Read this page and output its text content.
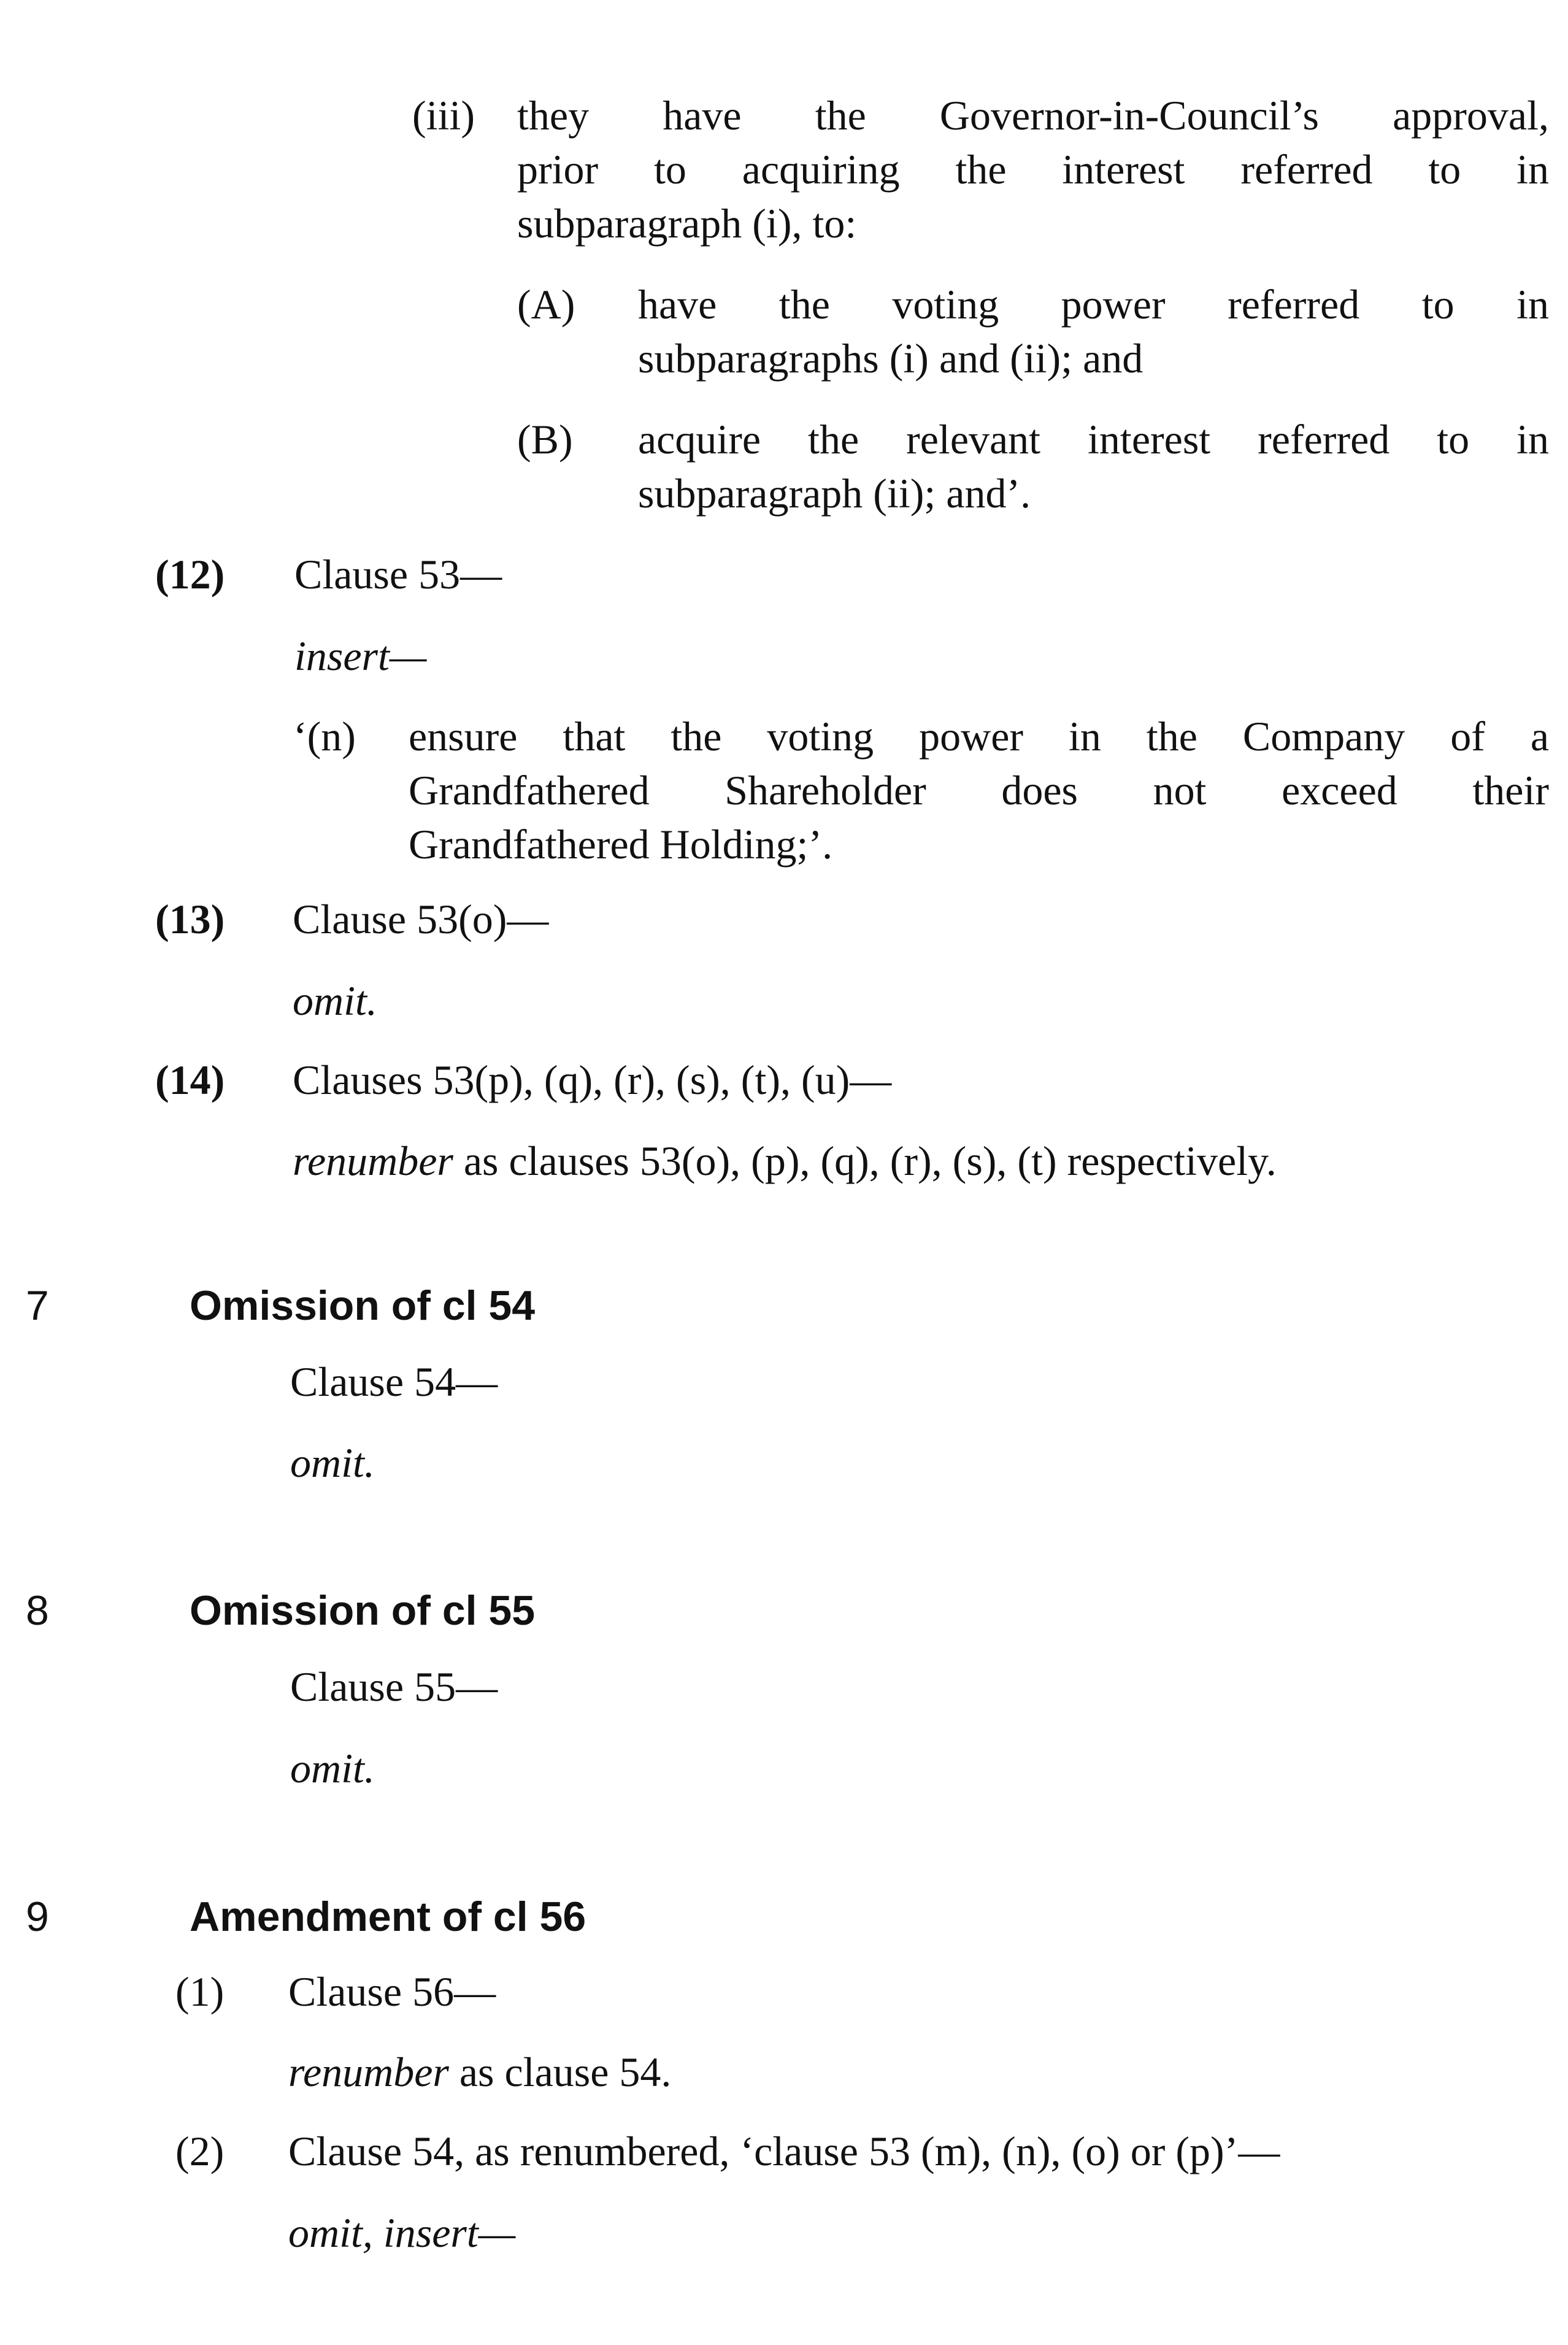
(iii) they have the Governor-in-Council’s approval,
prior to acquiring the interest referred to in
subparagraph (i), to:
(A) have the voting power referred to in
subparagraphs (i) and (ii); and
(B) acquire the relevant interest referred to in
subparagraph (ii); and’.
(12) Clause 53—
insert—
‘(n) ensure that the voting power in the Company of a
Grandfathered Shareholder does not exceed their
Grandfathered Holding;’.
(13) Clause 53(o)—
omit.
(14) Clauses 53(p), (q), (r), (s), (t), (u)—
renumber as clauses 53(o), (p), (q), (r), (s), (t) respectively.
7	Omission of cl 54
Clause 54—
omit.
8	Omission of cl 55
Clause 55—
omit.
9	Amendment of cl 56
(1) Clause 56—
renumber as clause 54.
(2) Clause 54, as renumbered, ‘clause 53 (m), (n), (o) or (p)’—
omit, insert—
